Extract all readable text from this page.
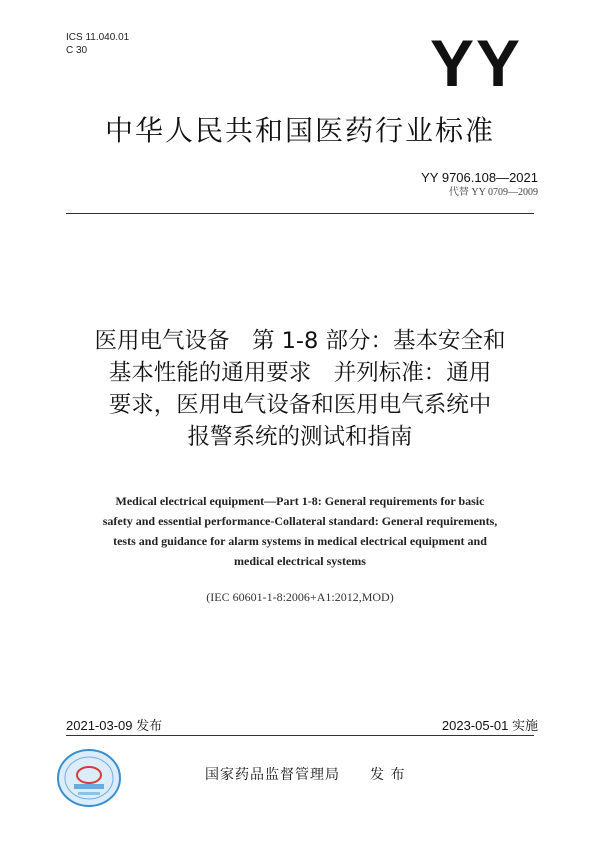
ICS 11.040.01
C 30	YY
中华人民共和国医药行业标准
YY 9706.108—2021
代替 YY 0709—2009
医用电气设备　第 1-8 部分：基本安全和
基本性能的通用要求　并列标准：通用
要求，医用电气设备和医用电气系统中
报警系统的测试和指南
Medical electrical equipment—Part 1-8: General requirements for basic
safety and essential performance-Collateral standard: General requirements,
tests and guidance for alarm systems in medical electrical equipment and
medical electrical systems
(IEC 60601-1-8:2006+A1:2012,MOD)
2021-03-09 发布	2023-05-01 实施
国家药品监督管理局　　发 布
